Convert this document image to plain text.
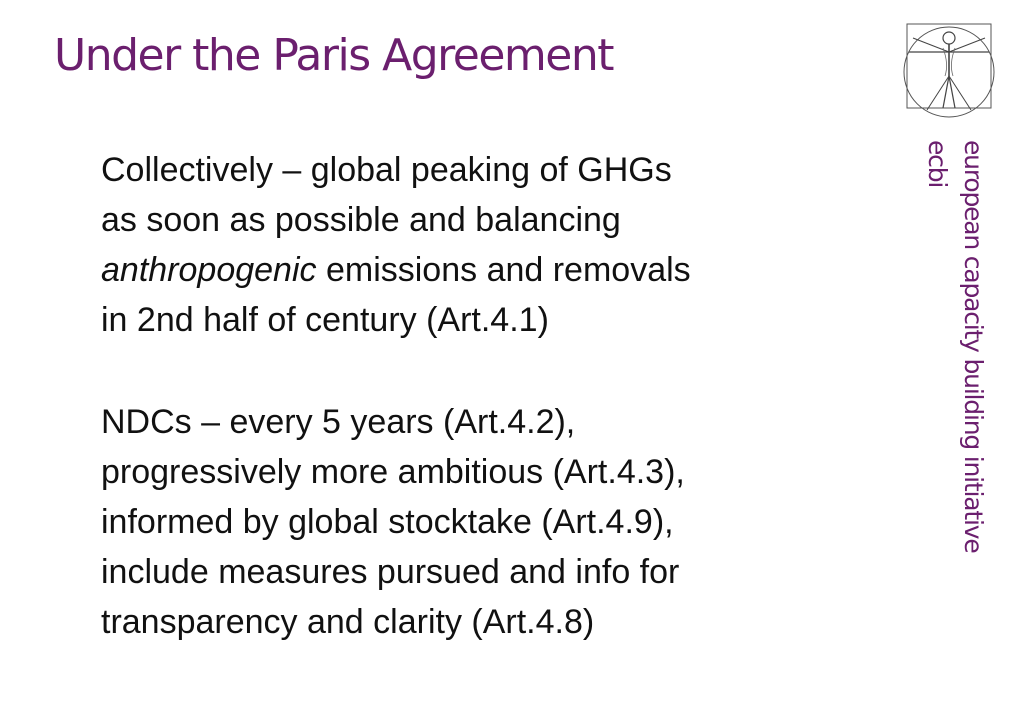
Under the Paris Agreement
Collectively – global peaking of GHGs
as soon as possible and balancing
anthropogenic emissions and removals
in 2nd half of century (Art.4.1)
NDCs – every 5 years (Art.4.2),
progressively more ambitious (Art.4.3),
informed by global stocktake (Art.4.9),
include measures pursued and info for
transparency and clarity (Art.4.8)
european capacity building initiative
ecbi
